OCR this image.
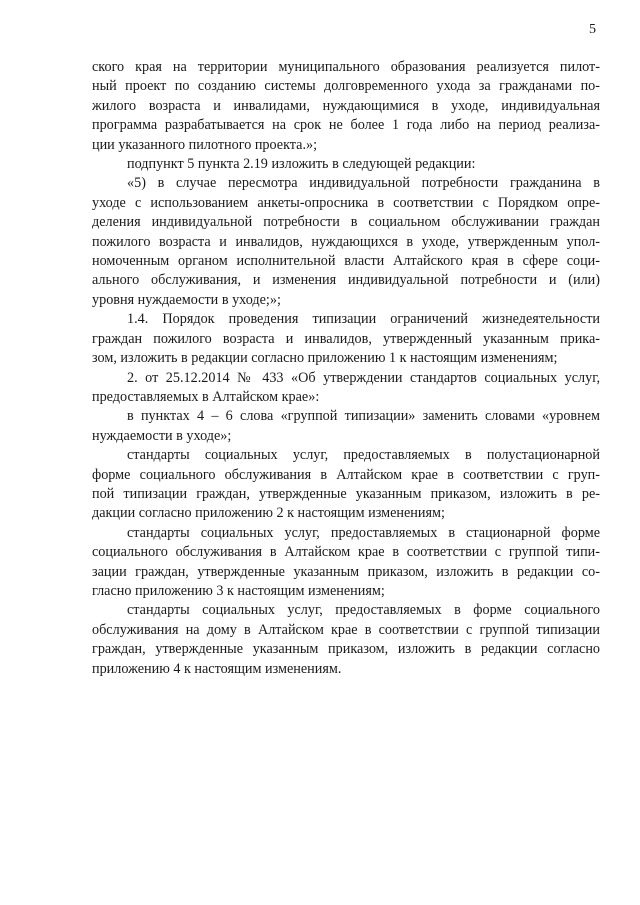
5
ского края на территории муниципального образования реализуется пилот-
ный проект по созданию системы долговременного ухода за гражданами по-
жилого возраста и инвалидами, нуждающимися в уходе, индивидуальная
программа разрабатывается на срок не более 1 года либо на период реализа-
ции указанного пилотного проекта.»;
подпункт 5 пункта 2.19 изложить в следующей редакции:
«5) в случае пересмотра индивидуальной потребности гражданина в
уходе с использованием анкеты-опросника в соответствии с Порядком опре-
деления индивидуальной потребности в социальном обслуживании граждан
пожилого возраста и инвалидов, нуждающихся в уходе, утвержденным упол-
номоченным органом исполнительной власти Алтайского края в сфере соци-
ального обслуживания, и изменения индивидуальной потребности и (или)
уровня нуждаемости в уходе;»;
1.4. Порядок проведения типизации ограничений жизнедеятельности
граждан пожилого возраста и инвалидов, утвержденный указанным прика-
зом, изложить в редакции согласно приложению 1 к настоящим изменениям;
2. от 25.12.2014 № 433 «Об утверждении стандартов социальных услуг,
предоставляемых в Алтайском крае»:
в пунктах 4 – 6 слова «группой типизации» заменить словами «уровнем
нуждаемости в уходе»;
стандарты социальных услуг, предоставляемых в полустационарной
форме социального обслуживания в Алтайском крае в соответствии с груп-
пой типизации граждан, утвержденные указанным приказом, изложить в ре-
дакции согласно приложению 2 к настоящим изменениям;
стандарты социальных услуг, предоставляемых в стационарной форме
социального обслуживания в Алтайском крае в соответствии с группой типи-
зации граждан, утвержденные указанным приказом, изложить в редакции со-
гласно приложению 3 к настоящим изменениям;
стандарты социальных услуг, предоставляемых в форме социального
обслуживания на дому в Алтайском крае в соответствии с группой типизации
граждан, утвержденные указанным приказом, изложить в редакции согласно
приложению 4 к настоящим изменениям.
